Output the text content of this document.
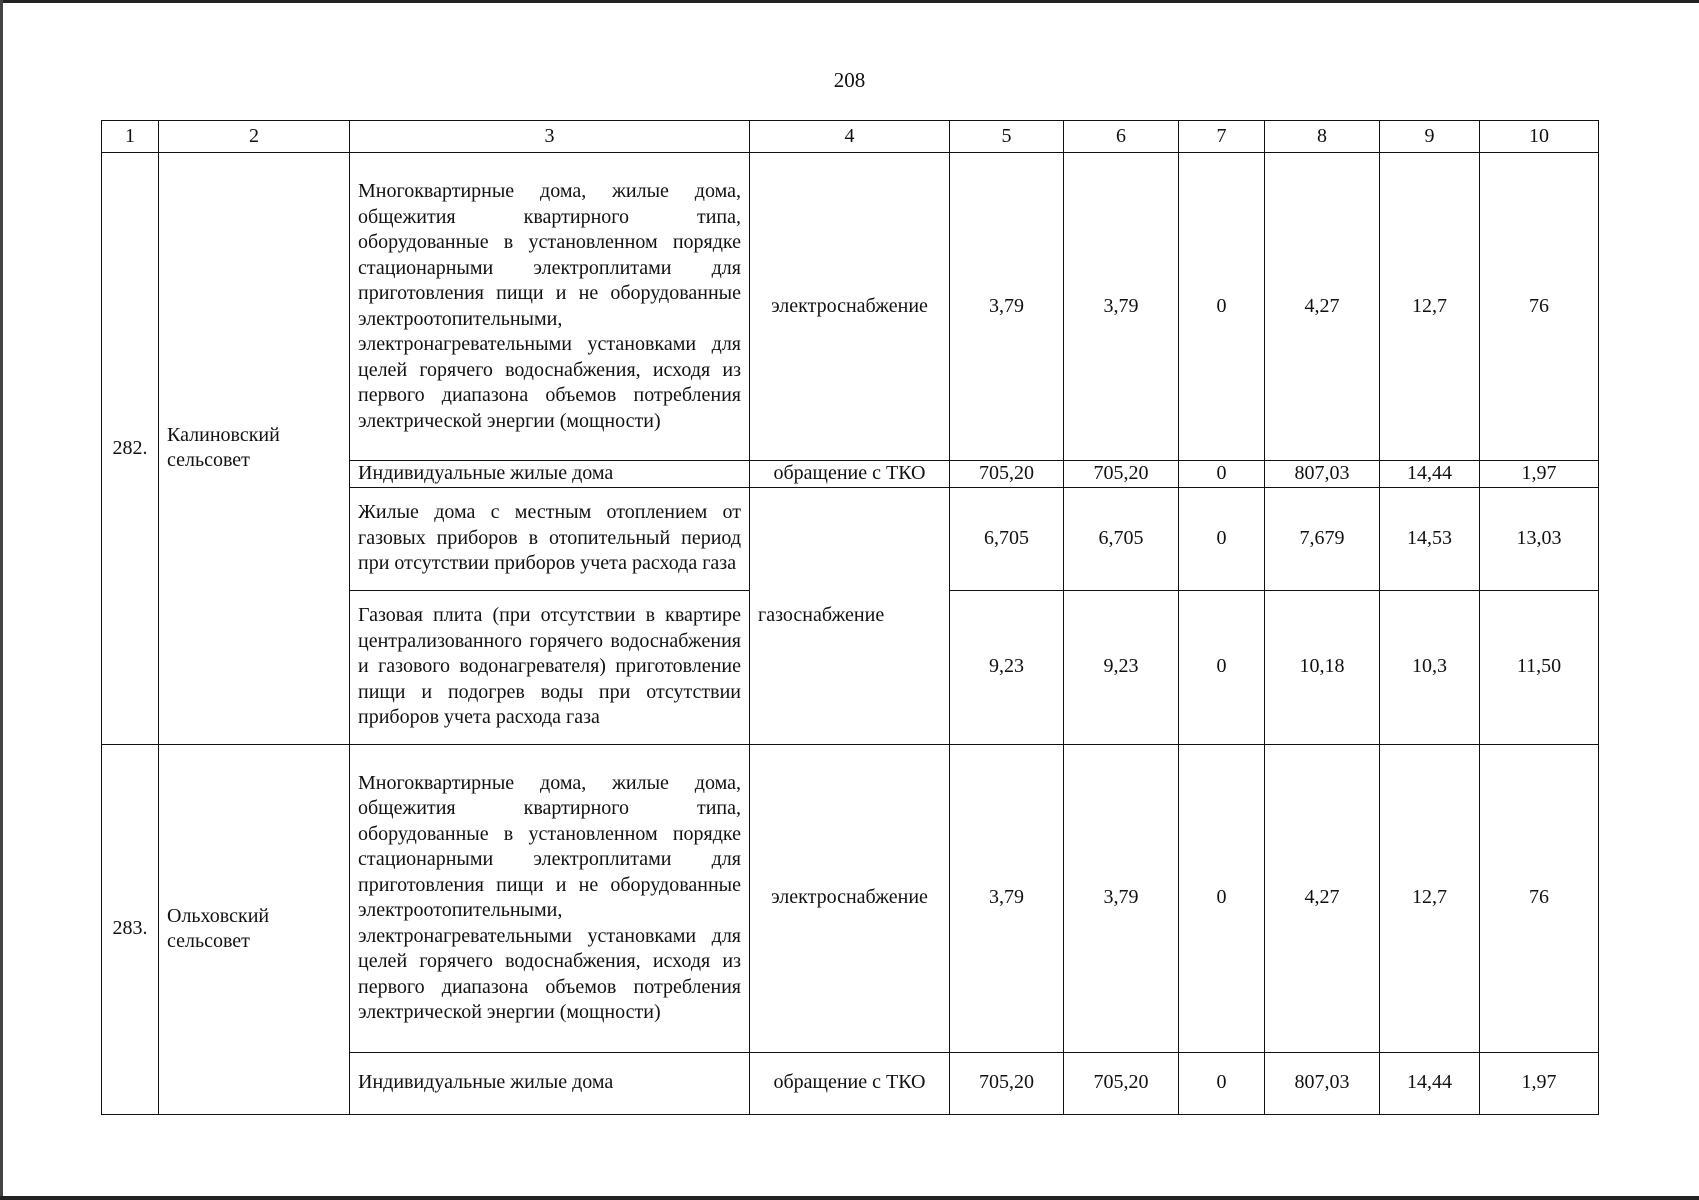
208
1	2	3	4	5	6	7	8	9	10
282.	Калиновский сельсовет	Многоквартирные дома, жилые дома, общежития квартирного типа, оборудованные в установленном порядке стационарными электроплитами для приготовления пищи и не оборудованные электроотопительными, электронагревательными установками для целей горячего водоснабжения, исходя из первого диапазона объемов потребления электрической энергии (мощности)	электроснабжение	3,79	3,79	0	4,27	12,7	76
		Индивидуальные жилые дома	обращение с ТКО	705,20	705,20	0	807,03	14,44	1,97
		Жилые дома с местным отоплением от газовых приборов в отопительный период при отсутствии приборов учета расхода газа	газоснабжение	6,705	6,705	0	7,679	14,53	13,03
		Газовая плита (при отсутствии в квартире централизованного горячего водоснабжения и газового водонагревателя) приготовление пищи и подогрев воды при отсутствии приборов учета расхода газа		9,23	9,23	0	10,18	10,3	11,50
283.	Ольховский сельсовет	Многоквартирные дома, жилые дома, общежития квартирного типа, оборудованные в установленном порядке стационарными электроплитами для приготовления пищи и не оборудованные электроотопительными, электронагревательными установками для целей горячего водоснабжения, исходя из первого диапазона объемов потребления электрической энергии (мощности)	электроснабжение	3,79	3,79	0	4,27	12,7	76
		Индивидуальные жилые дома	обращение с ТКО	705,20	705,20	0	807,03	14,44	1,97
